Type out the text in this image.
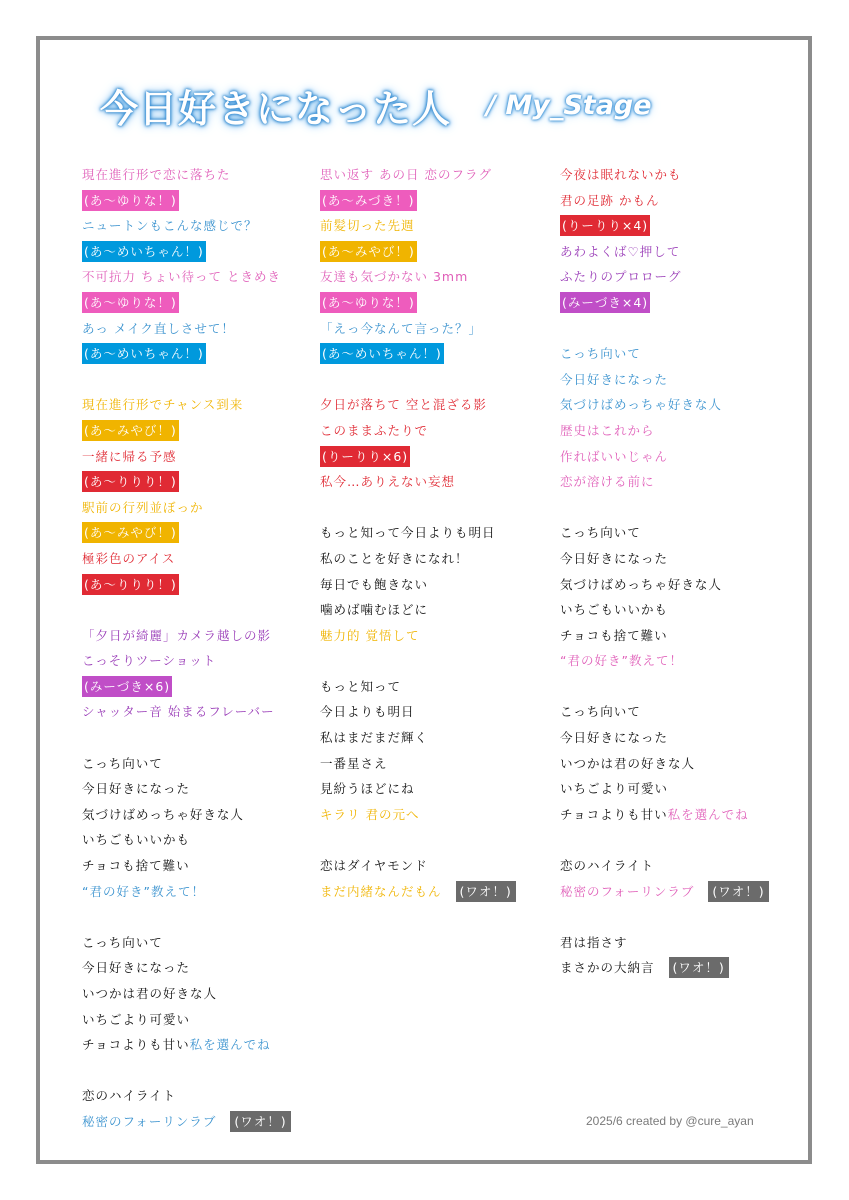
今日好きになった人 / My_Stage
現在進行形で恋に落ちた
(あ～ゆりな！)
ニュートンもこんな感じで？
(あ～めいちゃん！)
不可抗力 ちょい待って ときめき
(あ～ゆりな！)
あっ メイク直しさせて！
(あ～めいちゃん！)
現在進行形でチャンス到来
(あ～みやび！)
一緒に帰る予感
(あ～りりり！)
駅前の行列並ぼっか
(あ～みやび！)
極彩色のアイス
(あ～りりり！)
「夕日が綺麗」カメラ越しの影
こっそりツーショット
(みーづき×6)
シャッター音 始まるフレーバー
こっち向いて
今日好きになった
気づけばめっちゃ好きな人
いちごもいいかも
チョコも捨て難い
“君の好き”教えて！
こっち向いて
今日好きになった
いつかは君の好きな人
いちごより可愛い
チョコよりも甘い私を選んでね
恋のハイライト
秘密のフォーリンラブ (ワオ！)
思い返す あの日 恋のフラグ
(あ～みづき！)
前髪切った先週
(あ～みやび！)
友達も気づかない 3mm
(あ～ゆりな！)
「えっ今なんて言った？」
(あ～めいちゃん！)
夕日が落ちて 空と混ざる影
このままふたりで
(りーりり×6)
私今…ありえない妄想
もっと知って今日よりも明日
私のことを好きになれ！
毎日でも飽きない
噛めば噛むほどに
魅力的 覚悟して
もっと知って
今日よりも明日
私はまだまだ輝く
一番星さえ
見紛うほどにね
キラリ 君の元へ
恋はダイヤモンド
まだ内緒なんだもん (ワオ！)
今夜は眠れないかも
君の足跡 かもん
(りーりり×4)
あわよくば♡押して
ふたりのプロローグ
(みーづき×4)
こっち向いて
今日好きになった
気づけばめっちゃ好きな人
歴史はこれから
作ればいいじゃん
恋が溶ける前に
こっち向いて
今日好きになった
気づけばめっちゃ好きな人
いちごもいいかも
チョコも捨て難い
“君の好き”教えて！
こっち向いて
今日好きになった
いつかは君の好きな人
いちごより可愛い
チョコよりも甘い私を選んでね
恋のハイライト
秘密のフォーリンラブ (ワオ！)
君は指さす
まさかの大納言 (ワオ！)
2025/6 created by @cure_ayan
